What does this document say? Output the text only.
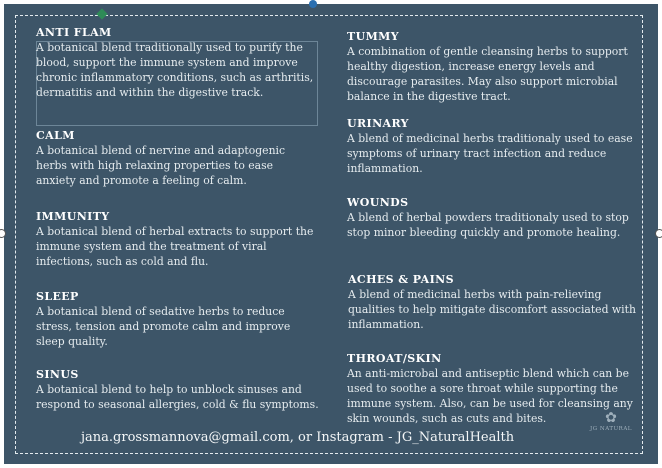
ANTI FLAM

A botanical blend traditionally used to purify the blood, support the immune system and improve chronic inflammatory conditions, such as arthritis, dermatitis and within the digestive track.

CALM

A botanical blend of nervine and adaptogenic herbs with high relaxing properties to ease anxiety and promote a feeling of calm.

IMMUNITY

A botanical blend of herbal extracts to support the immune system and the treatment of viral infections, such as cold and flu.

SLEEP

A botanical blend of sedative herbs to reduce stress, tension and promote calm and improve sleep quality.

SINUS

A botanical blend to help to unblock sinuses and respond to seasonal allergies, cold & flu symptoms.

TUMMY

A combination of gentle cleansing herbs to support healthy digestion, increase energy levels and discourage parasites. May also support microbial balance in the digestive tract.

URINARY

A blend of medicinal herbs traditionaly used to ease symptoms of urinary tract infection and reduce inflammation.

WOUNDS

A blend of herbal powders traditionaly used to stop stop minor bleeding quickly and promote healing.

ACHES & PAINS

A blend of medicinal herbs with pain-relieving qualities to help mitigate discomfort associated with inflammation.

THROAT/SKIN

An anti-microbal and antiseptic blend which can be used to soothe a sore throat while supporting the immune system. Also, can be used for cleansing any skin wounds, such as cuts and bites.

jana.grossmannova@gmail.com, or Instagram - JG_NaturalHealth
✿
JG NATURAL
